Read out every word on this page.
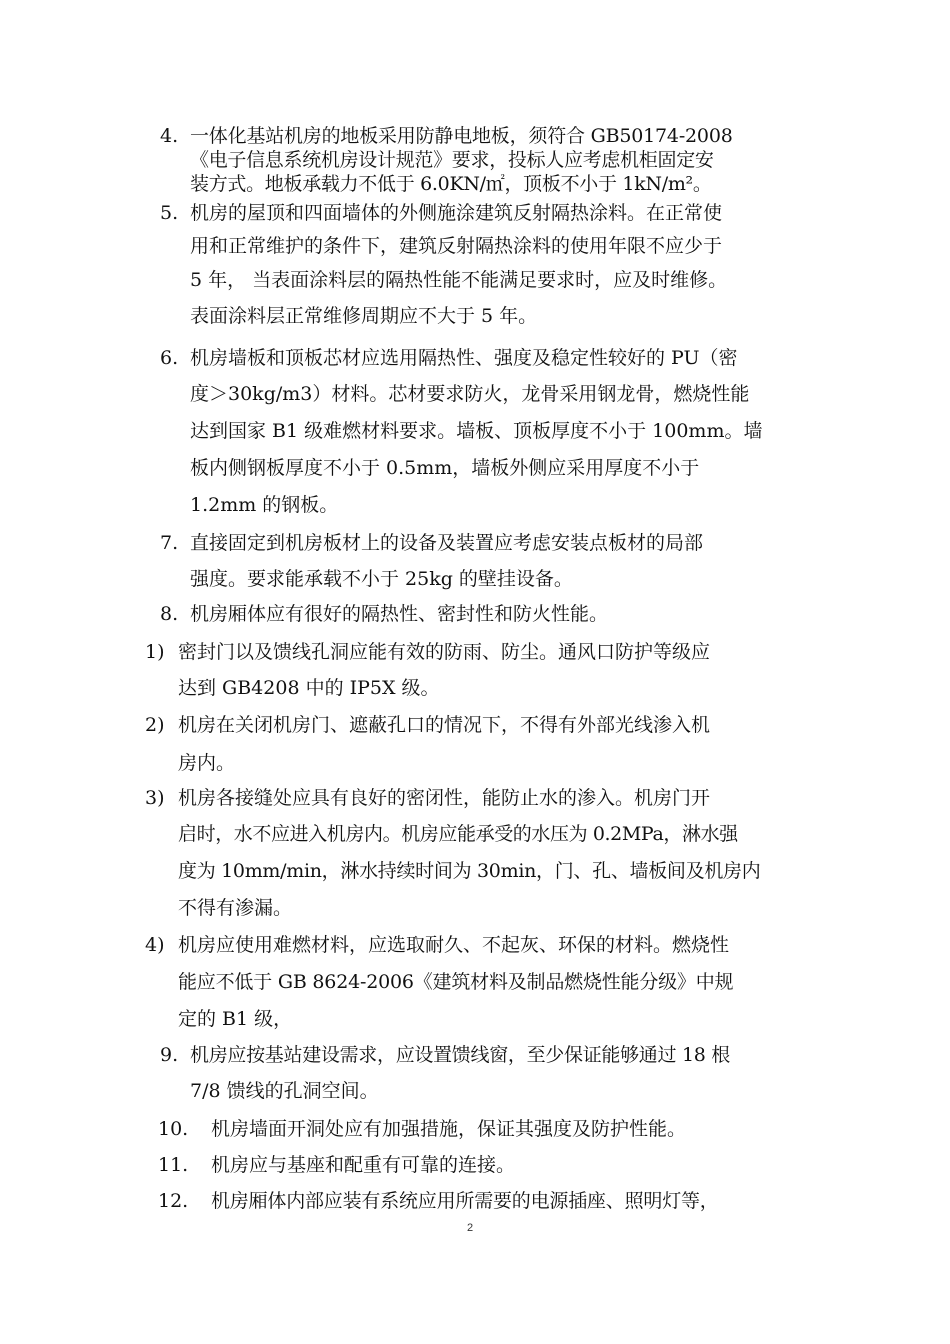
4. 一体化基站机房的地板采用防静电地板，须符合 GB50174-2008
《电子信息系统机房设计规范》要求，投标人应考虑机柜固定安
装方式。地板承载力不低于 6.0KN/㎡，顶板不小于 1kN/m²。
5. 机房的屋顶和四面墙体的外侧施涂建筑反射隔热涂料。在正常使
用和正常维护的条件下，建筑反射隔热涂料的使用年限不应少于
5 年， 当表面涂料层的隔热性能不能满足要求时，应及时维修。
表面涂料层正常维修周期应不大于 5 年。
6. 机房墙板和顶板芯材应选用隔热性、强度及稳定性较好的 PU（密
度＞30kg/m3）材料。芯材要求防火，龙骨采用钢龙骨，燃烧性能
达到国家 B1 级难燃材料要求。墙板、顶板厚度不小于 100mm。墙
板内侧钢板厚度不小于 0.5mm，墙板外侧应采用厚度不小于
1.2mm 的钢板。
7. 直接固定到机房板材上的设备及装置应考虑安装点板材的局部
强度。要求能承载不小于 25kg 的壁挂设备。
8. 机房厢体应有很好的隔热性、密封性和防火性能。
1) 密封门以及馈线孔洞应能有效的防雨、防尘。通风口防护等级应
达到 GB4208 中的 IP5X 级。
2) 机房在关闭机房门、遮蔽孔口的情况下，不得有外部光线渗入机
房内。
3) 机房各接缝处应具有良好的密闭性，能防止水的渗入。机房门开
启时，水不应进入机房内。机房应能承受的水压为 0.2MPa，淋水强
度为 10mm/min，淋水持续时间为 30min，门、孔、墙板间及机房内
不得有渗漏。
4) 机房应使用难燃材料，应选取耐久、不起灰、环保的材料。燃烧性
能应不低于 GB 8624-2006《建筑材料及制品燃烧性能分级》中规
定的 B1 级，
9. 机房应按基站建设需求，应设置馈线窗，至少保证能够通过 18 根
7/8 馈线的孔洞空间。
10. 机房墙面开洞处应有加强措施，保证其强度及防护性能。
11. 机房应与基座和配重有可靠的连接。
12. 机房厢体内部应装有系统应用所需要的电源插座、照明灯等，
2
